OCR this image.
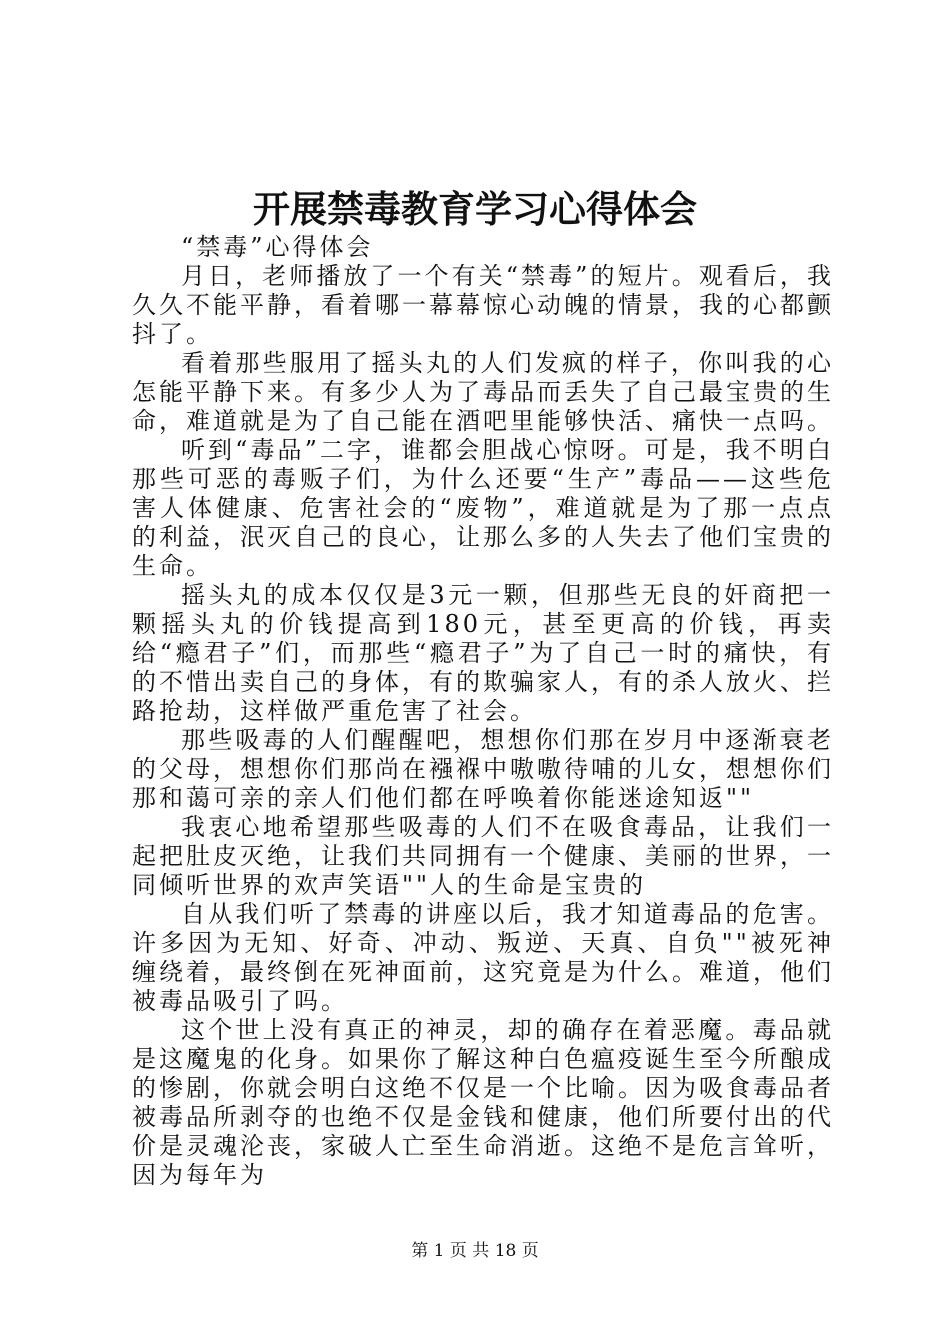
开展禁毒教育学习心得体会

“禁毒”心得体会

月日，老师播放了一个有关“禁毒”的短片。观看后，我久久不能平静，看着哪一幕幕惊心动魄的情景，我的心都颤抖了。

看着那些服用了摇头丸的人们发疯的样子，你叫我的心怎能平静下来。有多少人为了毒品而丢失了自己最宝贵的生命，难道就是为了自己能在酒吧里能够快活、痛快一点吗。

听到“毒品”二字，谁都会胆战心惊呀。可是，我不明白那些可恶的毒贩子们，为什么还要“生产”毒品——这些危害人体健康、危害社会的“废物”，难道就是为了那一点点的利益，泯灭自己的良心，让那么多的人失去了他们宝贵的生命。

摇头丸的成本仅仅是3元一颗，但那些无良的奸商把一颗摇头丸的价钱提高到180元，甚至更高的价钱，再卖给“瘾君子”们，而那些“瘾君子”为了自己一时的痛快，有的不惜出卖自己的身体，有的欺骗家人，有的杀人放火、拦路抢劫，这样做严重危害了社会。

那些吸毒的人们醒醒吧，想想你们那在岁月中逐渐衰老的父母，想想你们那尚在襁褓中嗷嗷待哺的儿女，想想你们那和蔼可亲的亲人们他们都在呼唤着你能迷途知返""

我衷心地希望那些吸毒的人们不在吸食毒品，让我们一起把肚皮灭绝，让我们共同拥有一个健康、美丽的世界，一同倾听世界的欢声笑语""人的生命是宝贵的

自从我们听了禁毒的讲座以后，我才知道毒品的危害。许多因为无知、好奇、冲动、叛逆、天真、自负""被死神缠绕着，最终倒在死神面前，这究竟是为什么。难道，他们被毒品吸引了吗。

这个世上没有真正的神灵，却的确存在着恶魔。毒品就是这魔鬼的化身。如果你了解这种白色瘟疫诞生至今所酿成的惨剧，你就会明白这绝不仅是一个比喻。因为吸食毒品者被毒品所剥夺的也绝不仅是金钱和健康，他们所要付出的代价是灵魂沦丧，家破人亡至生命消逝。这绝不是危言耸听，因为每年为

第 1 页 共 18 页
